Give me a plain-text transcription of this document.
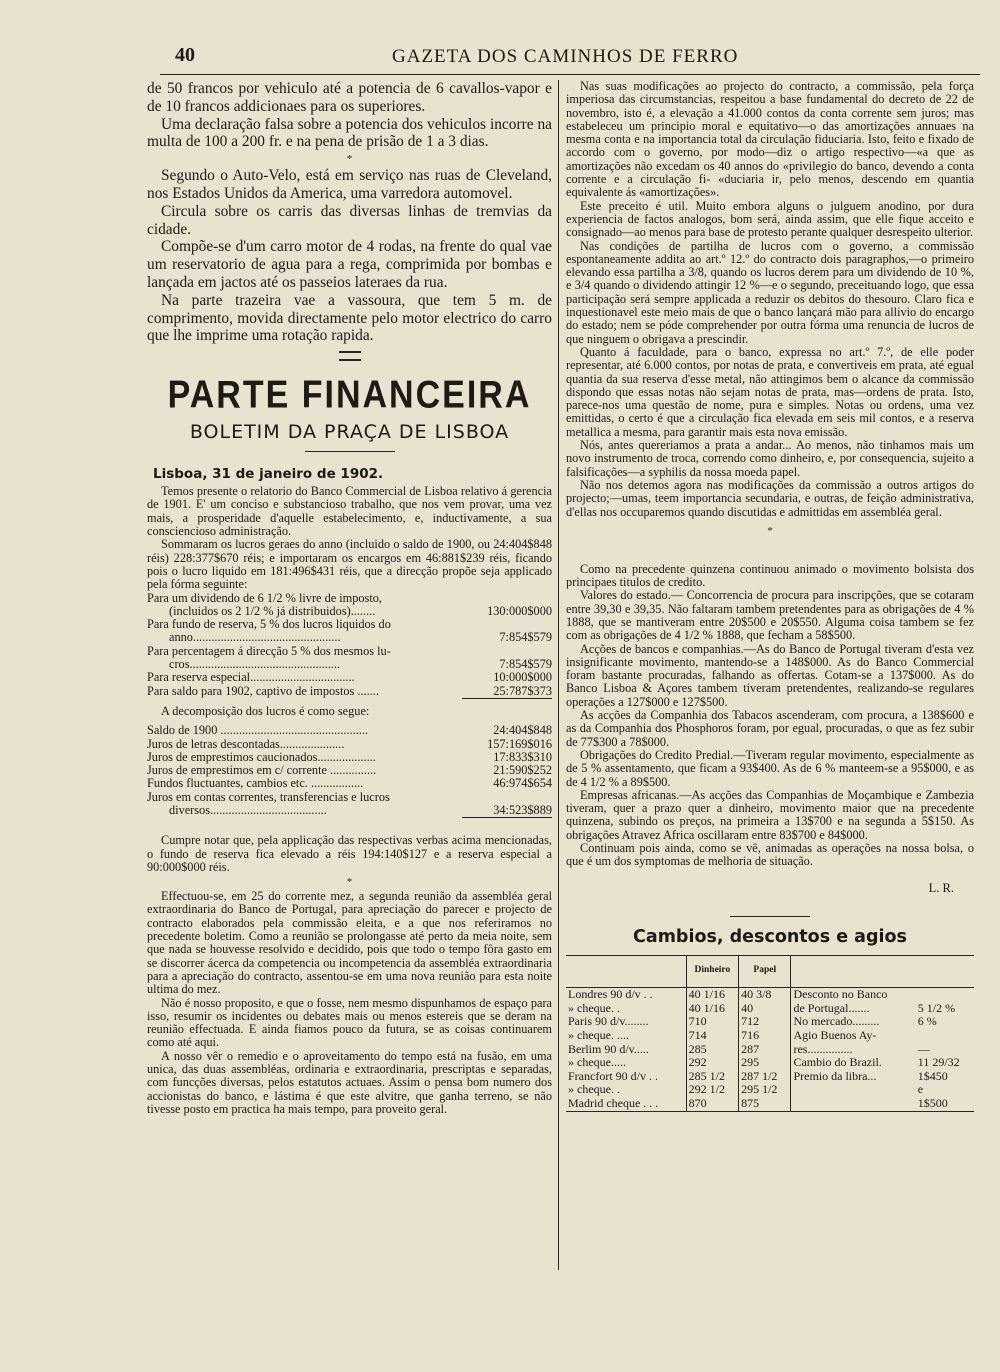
40	GAZETA DOS CAMINHOS DE FERRO

de 50 francos por vehiculo até a potencia de 6 cavallos-vapor e de 10 francos addicionaes para os superiores.

Uma declaração falsa sobre a potencia dos vehiculos incorre na multa de 100 a 200 fr. e na pena de prisão de 1 a 3 dias.

*

Segundo o Auto-Velo, está em serviço nas ruas de Cleveland, nos Estados Unidos da America, uma varredora automovel.

Circula sobre os carris das diversas linhas de tremvias da cidade.

Compõe-se d'um carro motor de 4 rodas, na frente do qual vae um reservatorio de agua para a rega, comprimida por bombas e lançada em jactos até os passeios lateraes da rua.

Na parte trazeira vae a vassoura, que tem 5 m. de comprimento, movida directamente pelo motor electrico do carro que lhe imprime uma rotação rapida.

PARTE FINANCEIRA
BOLETIM DA PRAÇA DE LISBOA
Lisboa, 31 de janeiro de 1902.

Temos presente o relatorio do Banco Commercial de Lisboa relativo á gerencia de 1901. E' um conciso e substancioso trabalho, que nos vem provar, uma vez mais, a prosperidade d'aquelle estabelecimento, e, inductivamente, a sua consciencioso administração.

Sommaram os lucros geraes do anno (incluido o saldo de 1900, ou 24:404$848 réis) 228:377$670 réis; e importaram os encargos em 46:881$239 réis, ficando pois o lucro liquido em 181:496$431 réis, que a direcção propõe seja applicado pela fórma seguinte:

Para um dividendo de 6 1/2 % livre de imposto,	
(incluidos os 2 1/2 % já distribuidos)........	130:000$000
Para fundo de reserva, 5 % dos lucros liquidos do	
anno................................................	7:854$579
Para percentagem á direcção 5 % dos mesmos lu-	
cros.................................................	7:854$579
Para reserva especial..................................	10:000$000
Para saldo para 1902, captivo de impostos .......	25:787$373

A decomposição dos lucros é como segue:

Saldo de 1900 ................................................	24:404$848
Juros de letras descontadas.....................	157:169$016
Juros de emprestimos caucionados...................	17:833$310
Juros de emprestimos em c/ corrente ...............	21:590$252
Fundos fluctuantes, cambios etc. .................	46:974$654
Juros em contas correntes, transferencias e lucros	
diversos......................................	34:523$889

Cumpre notar que, pela applicação das respectivas verbas acima mencionadas, o fundo de reserva fica elevado a réis 194:140$127 e a reserva especial a 90:000$000 réis.

*

Effectuou-se, em 25 do corrente mez, a segunda reunião da assembléa geral extraordinaria do Banco de Portugal, para apreciação do parecer e projecto de contracto elaborados pela commissão eleita, e a que nos referiramos no precedente boletim. Como a reunião se prolongasse até perto da meia noite, sem que nada se houvesse resolvido e decidido, pois que todo o tempo fôra gasto em se discorrer ácerca da competencia ou incompetencia da assembléa extraordinaria para a apreciação do contracto, assentou-se em uma nova reunião para esta noite ultima do mez.

Não é nosso proposito, e que o fosse, nem mesmo dispunhamos de espaço para isso, resumir os incidentes ou debates mais ou menos estereis que se deram na reunião effectuada. E ainda fiamos pouco da futura, se as coisas continuarem como até aqui.

A nosso vêr o remedio e o aproveitamento do tempo está na fusão, em uma unica, das duas assembléas, ordinaria e extraordinaria, prescriptas e separadas, com funcções diversas, pelos estatutos actuaes. Assim o pensa bom numero dos accionistas do banco, e lástima é que este alvitre, que ganha terreno, se não tivesse posto em practica ha mais tempo, para proveito geral.

Nas suas modificações ao projecto do contracto, a commissão, pela força imperiosa das circumstancias, respeitou a base fundamental do decreto de 22 de novembro, isto é, a elevação a 41.000 contos da conta corrente sem juros; mas estabeleceu um principio moral e equitativo—o das amortizações annuaes na mesma conta e na importancia total da circulação fiduciaria. Isto, feito e fixado de accordo com o governo, por modo—diz o artigo respectivo—«a que as amortizações não excedam os 40 annos do «privilegio do banco, devendo a conta corrente e a circulação fi- «duciaria ir, pelo menos, descendo em quantia equivalente ás «amortizações».

Este preceito é util. Muito embora alguns o julguem anodino, por dura experiencia de factos analogos, bom será, ainda assim, que elle fique acceito e consignado—ao menos para base de protesto perante qualquer desrespeito ulterior.

Nas condições de partilha de lucros com o governo, a commissão espontaneamente addita ao art.º 12.º do contracto dois paragraphos,—o primeiro elevando essa partilha a 3/8, quando os lucros derem para um dividendo de 10 %, e 3/4 quando o dividendo attingir 12 %—e o segundo, preceituando logo, que essa participação será sempre applicada a reduzir os debitos do thesouro. Claro fica e inquestionavel este meio mais de que o banco lançará mão para allivio do encargo do estado; nem se póde comprehender por outra fórma uma renuncia de lucros de que ninguem o obrigava a prescindir.

Quanto á faculdade, para o banco, expressa no art.º 7.º, de elle poder representar, até 6.000 contos, por notas de prata, e convertiveis em prata, até egual quantia da sua reserva d'esse metal, não attingimos bem o alcance da commissão dispondo que essas notas não sejam notas de prata, mas—ordens de prata. Isto, parece-nos uma questão de nome, pura e simples. Notas ou ordens, uma vez emittidas, o certo é que a circulação fica elevada em seis mil contos, e a reserva metallica a mesma, para garantir mais esta nova emissão.

Nós, antes quereriamos a prata a andar... Ao menos, não tinhamos mais um novo instrumento de troca, correndo como dinheiro, e, por consequencia, sujeito a falsificações—a syphilis da nossa moeda papel.

Não nos detemos agora nas modificações da commissão a outros artigos do projecto;—umas, teem importancia secundaria, e outras, de feição administrativa, d'ellas nos occuparemos quando discutidas e admittidas em assembléa geral.

*

Como na precedente quinzena continuou animado o movimento bolsista dos principaes titulos de credito.

Valores do estado.— Concorrencia de procura para inscripções, que se cotaram entre 39,30 e 39,35. Não faltaram tambem pretendentes para as obrigações de 4 % 1888, que se mantiveram entre 20$500 e 20$550. Alguma coisa tambem se fez com as obrigações de 4 1/2 % 1888, que fecham a 58$500.

Acções de bancos e companhias.—As do Banco de Portugal tiveram d'esta vez insignificante movimento, mantendo-se a 148$000. As do Banco Commercial foram bastante procuradas, falhando as offertas. Cotam-se a 137$000. As do Banco Lisboa & Açores tambem tiveram pretendentes, realizando-se regulares operações a 127$000 e 127$500.

As acções da Companhia dos Tabacos ascenderam, com procura, a 138$600 e as da Companhia dos Phosphoros foram, por egual, procuradas, o que as fez subir de 77$300 a 78$000.

Obrigações do Credito Predial.—Tiveram regular movimento, especialmente as de 5 % assentamento, que ficam a 93$400. As de 6 % manteem-se a 95$000, e as de 4 1/2 % a 89$500.

Empresas africanas.—As acções das Companhias de Moçambique e Zambezia tiveram, quer a prazo quer a dinheiro, movimento maior que na precedente quinzena, subindo os preços, na primeira a 13$700 e na segunda a 5$150. As obrigações Atravez Africa oscillaram entre 83$700 e 84$000.

Continuam pois ainda, como se vê, animadas as operações na nossa bolsa, o que é um dos symptomas de melhoria de situação.

L. R.
Cambios, descontos e agios
	Dinheiro	Papel		
Londres 90 d/v . .	40 1/16	40 3/8	Desconto no Banco	
» cheque. .	40 1/16	40	de Portugal.......	5 1/2 %
Paris 90 d/v........	710	712	No mercado.........	6 %
» cheque. ....	714	716	Agio Buenos Ay-	
Berlim 90 d/v.....	285	287	res...............	—
» cheque.....	292	295	Cambio do Brazil.	11 29/32
Francfort 90 d/v . .	285 1/2	287 1/2	Premio da libra...	1$450
» cheque. .	292 1/2	295 1/2		e
Madrid cheque . . .	870	875		1$500
